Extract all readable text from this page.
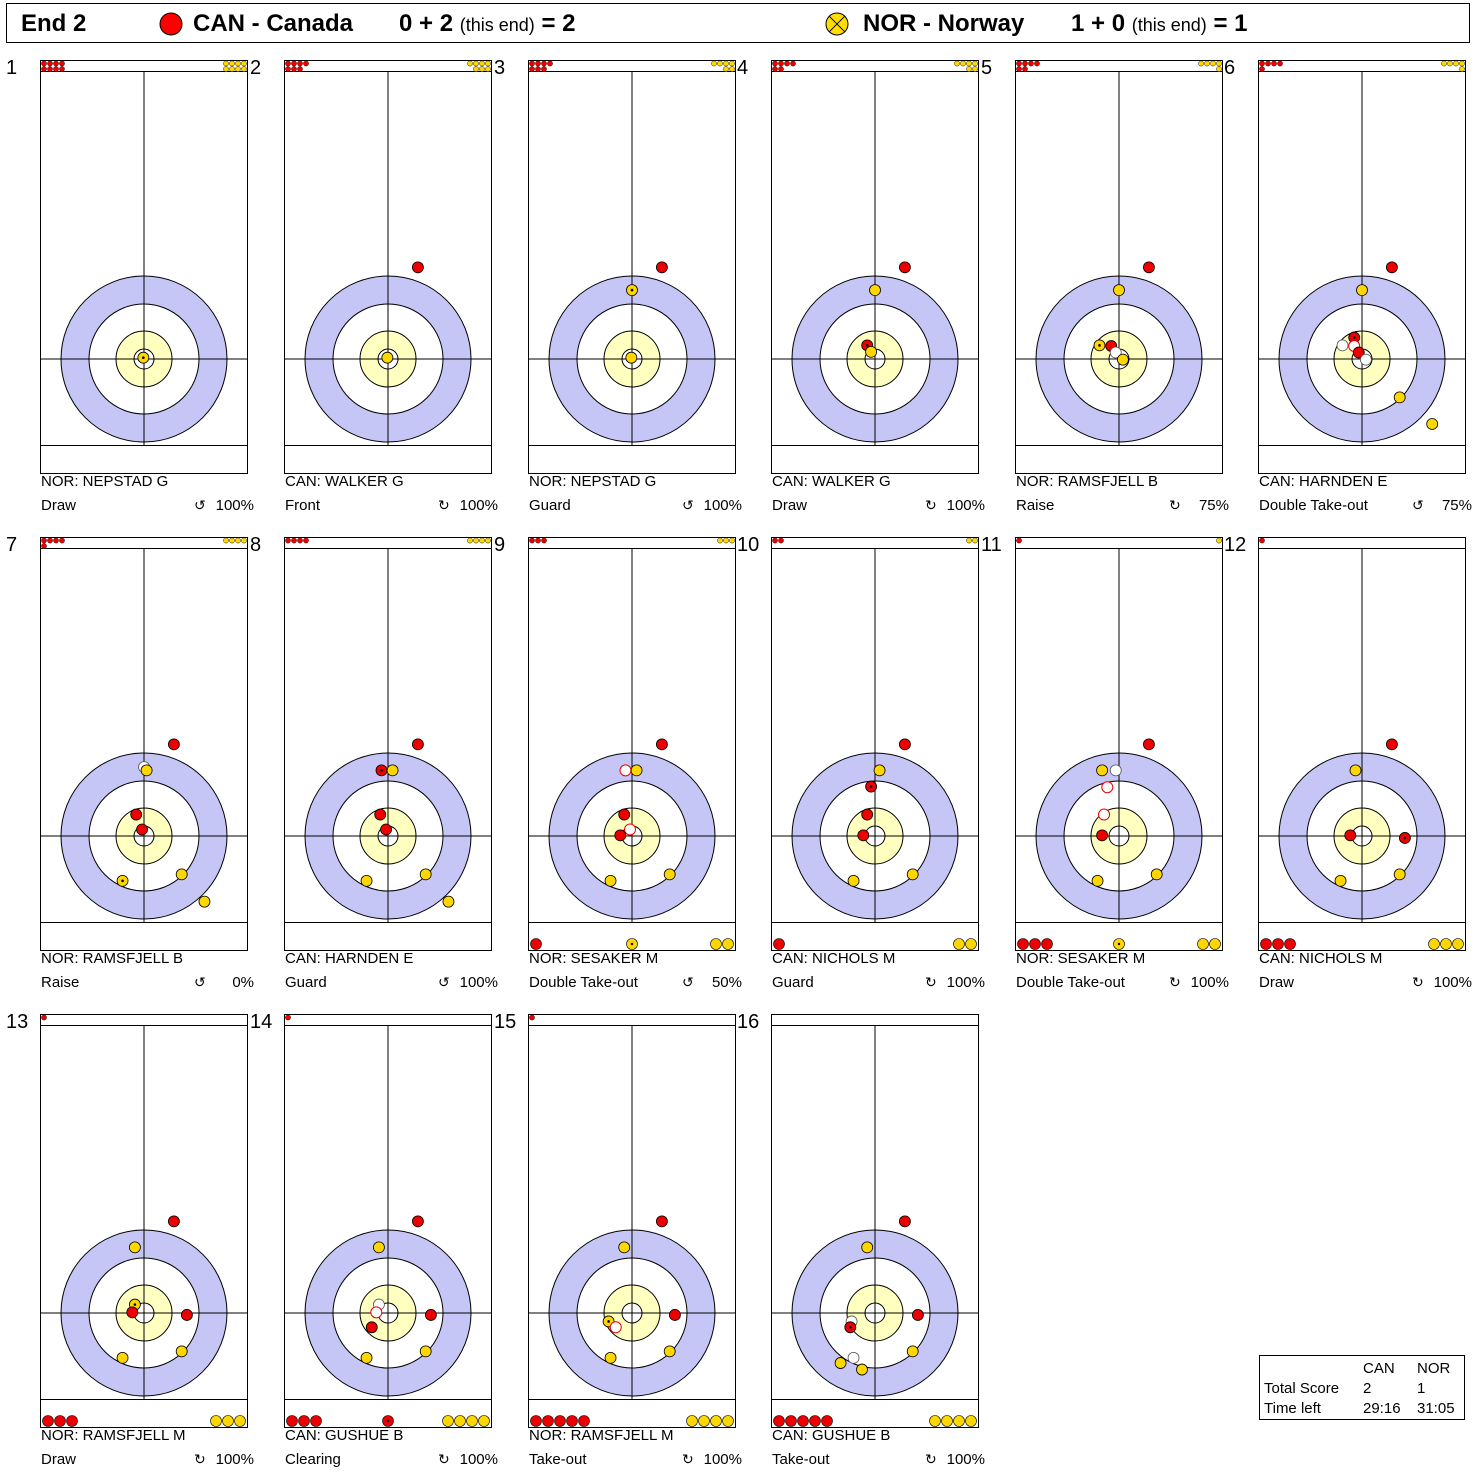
End 2	CAN - Canada 0 + 2 (this end) = 2	NOR - Norway 1 + 0 (this end) = 1
1
NOR: NEPSTAD G
Draw	↺ 100%
2
CAN: WALKER G
Front	↻ 100%
3
NOR: NEPSTAD G
Guard	↺ 100%
4
CAN: WALKER G
Draw	↻ 100%
5
NOR: RAMSFJELL B
Raise	↻	75%
6
CAN: HARNDEN E
Double Take-out	↺	75%
7
NOR: RAMSFJELL B
Raise	↺	0%
8
CAN: HARNDEN E
Guard	↺ 100%
9
NOR: SESAKER M
Double Take-out	↺	50%
10
CAN: NICHOLS M
Guard	↻ 100%
11
NOR: SESAKER M
Double Take-out	↻ 100%
12
CAN: NICHOLS M
Draw	↻ 100%
13
NOR: RAMSFJELL M
Draw	↻ 100%
14
CAN: GUSHUE B
Clearing	↻ 100%
15
NOR: RAMSFJELL M
Take-out	↻ 100%
16
CAN: GUSHUE B
Take-out	↻ 100%
CAN NOR
Total Score 2	1
Time left	29:16 31:05
